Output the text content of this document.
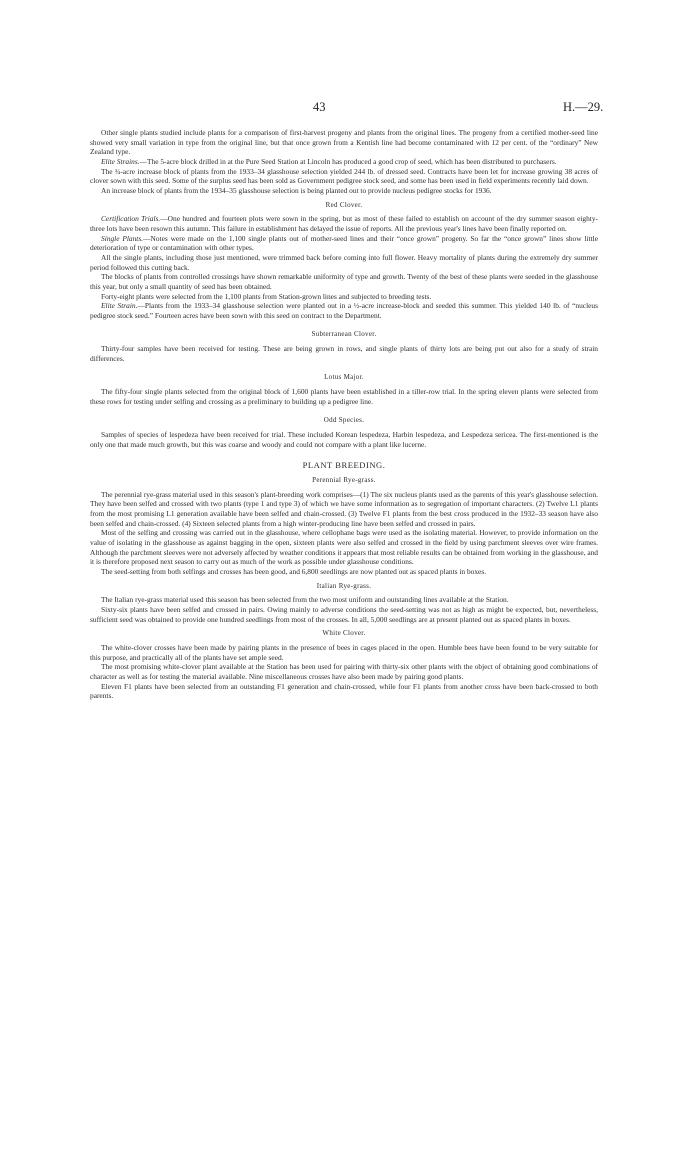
43	H.—29.

Other single plants studied include plants for a comparison of first-harvest progeny and plants from the original lines. The progeny from a certified mother-seed line showed very small variation in type from the original line, but that once grown from a Kentish line had become contaminated with 12 per cent. of the “ordinary” New Zealand type.

Elite Strains.—The 5-acre block drilled in at the Pure Seed Station at Lincoln has produced a good crop of seed, which has been distributed to purchasers.

The ¾-acre increase block of plants from the 1933–34 glasshouse selection yielded 244 lb. of dressed seed. Contracts have been let for increase growing 38 acres of clover sown with this seed. Some of the surplus seed has been sold as Government pedigree stock seed, and some has been used in field experiments recently laid down.

An increase block of plants from the 1934–35 glasshouse selection is being planted out to provide nucleus pedigree stocks for 1936.

Red Clover.

Certification Trials.—One hundred and fourteen plots were sown in the spring, but as most of these failed to establish on account of the dry summer season eighty-three lots have been resown this autumn. This failure in establishment has delayed the issue of reports. All the previous year's lines have been finally reported on.

Single Plants.—Notes were made on the 1,100 single plants out of mother-seed lines and their “once grown” progeny. So far the “once grown” lines show little deterioration of type or contamination with other types.

All the single plants, including those just mentioned, were trimmed back before coming into full flower. Heavy mortality of plants during the extremely dry summer period followed this cutting back.

The blocks of plants from controlled crossings have shown remarkable uniformity of type and growth. Twenty of the best of these plants were seeded in the glasshouse this year, but only a small quantity of seed has been obtained.

Forty-eight plants were selected from the 1,100 plants from Station-grown lines and subjected to breeding tests.

Elite Strain.—Plants from the 1933–34 glasshouse selection were planted out in a ½-acre increase-block and seeded this summer. This yielded 140 lb. of “nucleus pedigree stock seed.” Fourteen acres have been sown with this seed on contract to the Department.

Subterranean Clover.

Thirty-four samples have been received for testing. These are being grown in rows, and single plants of thirty lots are being put out also for a study of strain differences.

Lotus Major.

The fifty-four single plants selected from the original block of 1,600 plants have been established in a tiller-row trial. In the spring eleven plants were selected from these rows for testing under selfing and crossing as a preliminary to building up a pedigree line.

Odd Species.

Samples of species of lespedeza have been received for trial. These included Korean lespedeza, Harbin lespedeza, and Lespedeza sericea. The first-mentioned is the only one that made much growth, but this was coarse and woody and could not compare with a plant like lucerne.

PLANT BREEDING.
Perennial Rye-grass.

The perennial rye-grass material used in this season's plant-breeding work comprises—(1) The six nucleus plants used as the parents of this year's glasshouse selection. They have been selfed and crossed with two plants (type 1 and type 3) of which we have some information as to segregation of important characters. (2) Twelve L1 plants from the most promising L1 generation available have been selfed and chain-crossed. (3) Twelve F1 plants from the best cross produced in the 1932–33 season have also been selfed and chain-crossed. (4) Sixteen selected plants from a high winter-producing line have been selfed and crossed in pairs.

Most of the selfing and crossing was carried out in the glasshouse, where cellophane bags were used as the isolating material. However, to provide information on the value of isolating in the glasshouse as against bagging in the open, sixteen plants were also selfed and crossed in the field by using parchment sleeves over wire frames. Although the parchment sleeves were not adversely affected by weather conditions it appears that most reliable results can be obtained from working in the glasshouse, and it is therefore proposed next season to carry out as much of the work as possible under glasshouse conditions.

The seed-setting from both selfings and crosses has been good, and 6,800 seedlings are now planted out as spaced plants in boxes.

Italian Rye-grass.

The Italian rye-grass material used this season has been selected from the two most uniform and outstanding lines available at the Station.

Sixty-six plants have been selfed and crossed in pairs. Owing mainly to adverse conditions the seed-setting was not as high as might be expected, but, nevertheless, sufficient seed was obtained to provide one hundred seedlings from most of the crosses. In all, 5,000 seedlings are at present planted out as spaced plants in boxes.

White Clover.

The white-clover crosses have been made by pairing plants in the presence of bees in cages placed in the open. Humble bees have been found to be very suitable for this purpose, and practically all of the plants have set ample seed.

The most promising white-clover plant available at the Station has been used for pairing with thirty-six other plants with the object of obtaining good combinations of character as well as for testing the material available. Nine miscellaneous crosses have also been made by pairing good plants.

Eleven F1 plants have been selected from an outstanding F1 generation and chain-crossed, while four F1 plants from another cross have been back-crossed to both parents.
